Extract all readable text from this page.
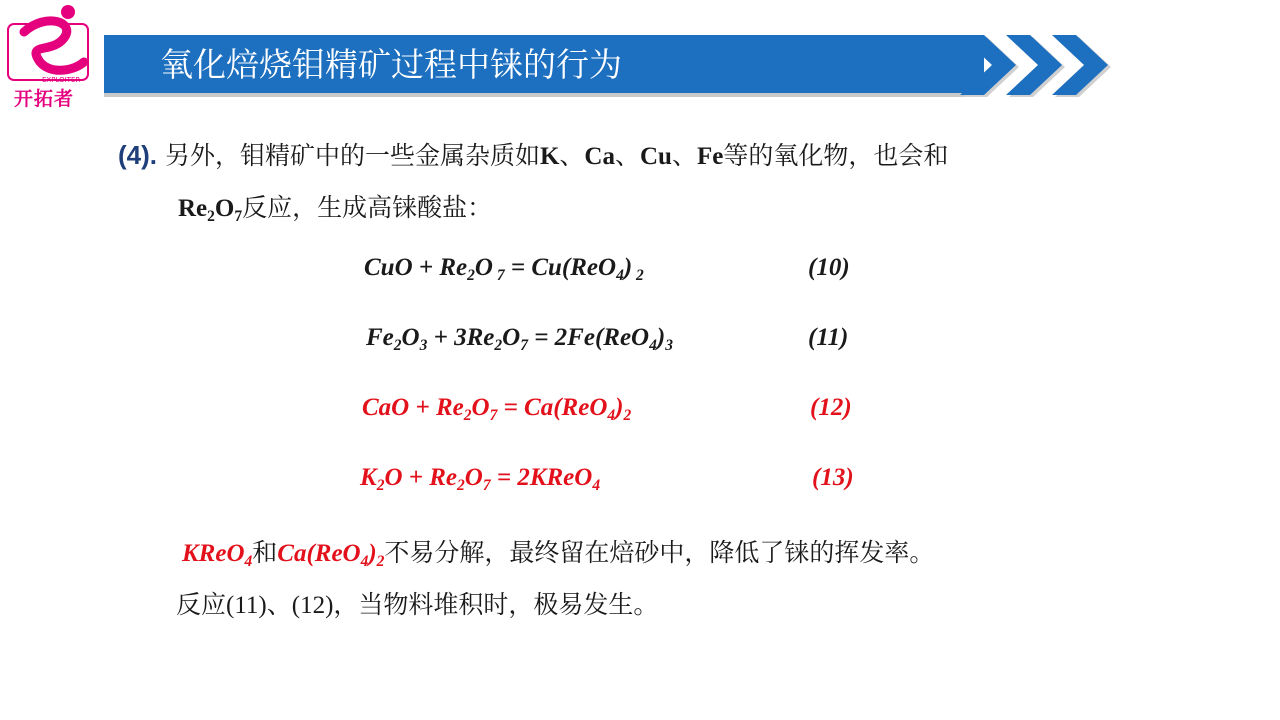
EXPLOITER
开拓者
氧化焙烧钼精矿过程中铼的行为
(4). 另外，钼精矿中的一些金属杂质如K、Ca、Cu、Fe等的氧化物，也会和
$Re_2O_7$反应，生成高铼酸盐：
CuO + $Re_2O$ $_7$ = Cu(ReO$_4$) $_2$	(10)
$Fe_2O_3 + 3Re_2O_7 = 2Fe(ReO_4)_3$	(11)
CaO + $Re_2O_7 = Ca(ReO_4)_2$	(12)
$K_2O + Re_2O_7$ = 2KReO$_4$	(13)
KReO$_4$和$Ca(ReO_4)_2$不易分解，最终留在焙砂中，降低了铼的挥发率。
反应(11)、(12)，当物料堆积时，极易发生。
